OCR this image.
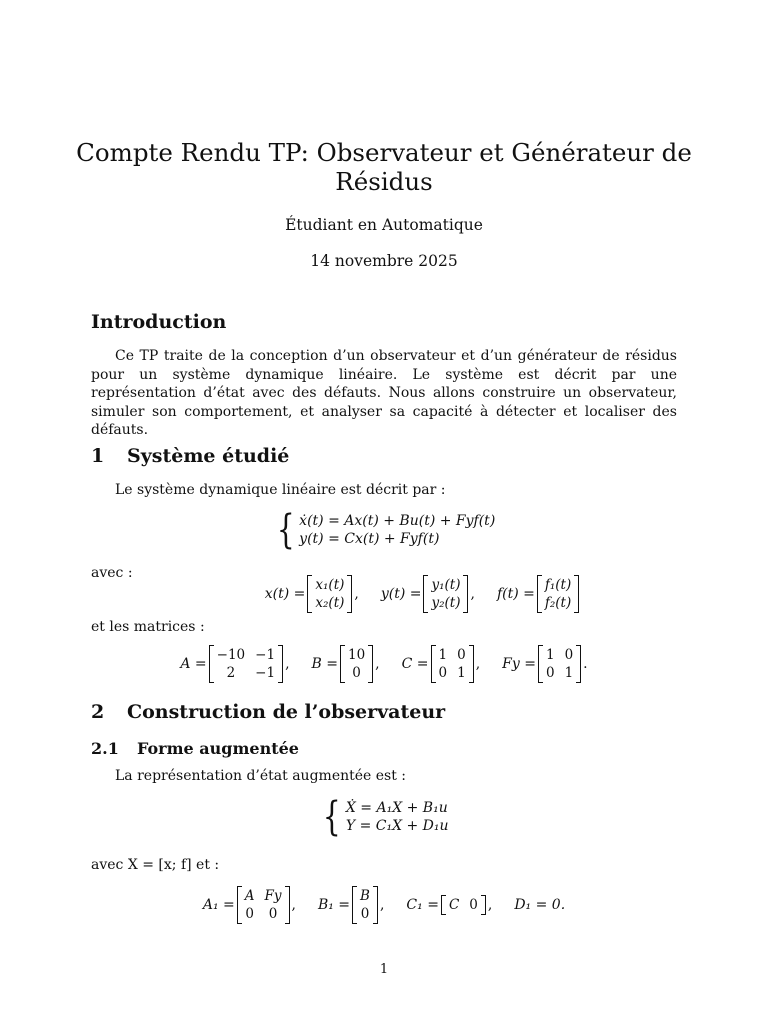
Compte Rendu TP: Observateur et Générateur de Résidus
Étudiant en Automatique
14 novembre 2025
Introduction

Ce TP traite de la conception d’un observateur et d’un générateur de résidus pour un système dynamique linéaire. Le système est décrit par une représentation d’état avec des défauts. Nous allons construire un observateur, simuler son comportement, et analyser sa capacité à détecter et localiser des défauts.

1 Système étudié
Le système dynamique linéaire est décrit par :
{ ẋ(t) = Ax(t) + Bu(t) + Fyf(t)
y(t) = Cx(t) + Fyf(t)
avec :
x(t) =
x₁(t)
x₂(t)
, y(t) =
y₁(t)
y₂(t)
, f(t) =
f₁(t)
f₂(t)
et les matrices :
A =
−10 −1
2	−1
, B =
10
0
, C =
1 0
0 1
, Fy =
1 0
0 1
.
2 Construction de l’observateur
2.1 Forme augmentée
La représentation d’état augmentée est :
{ Ẋ = A₁X + B₁u
Y = C₁X + D₁u
avec X = [x; f] et :
A₁ =
A Fy
0	0
, B₁ =
B
0
, C₁ = C 0 , D₁ = 0.
1
